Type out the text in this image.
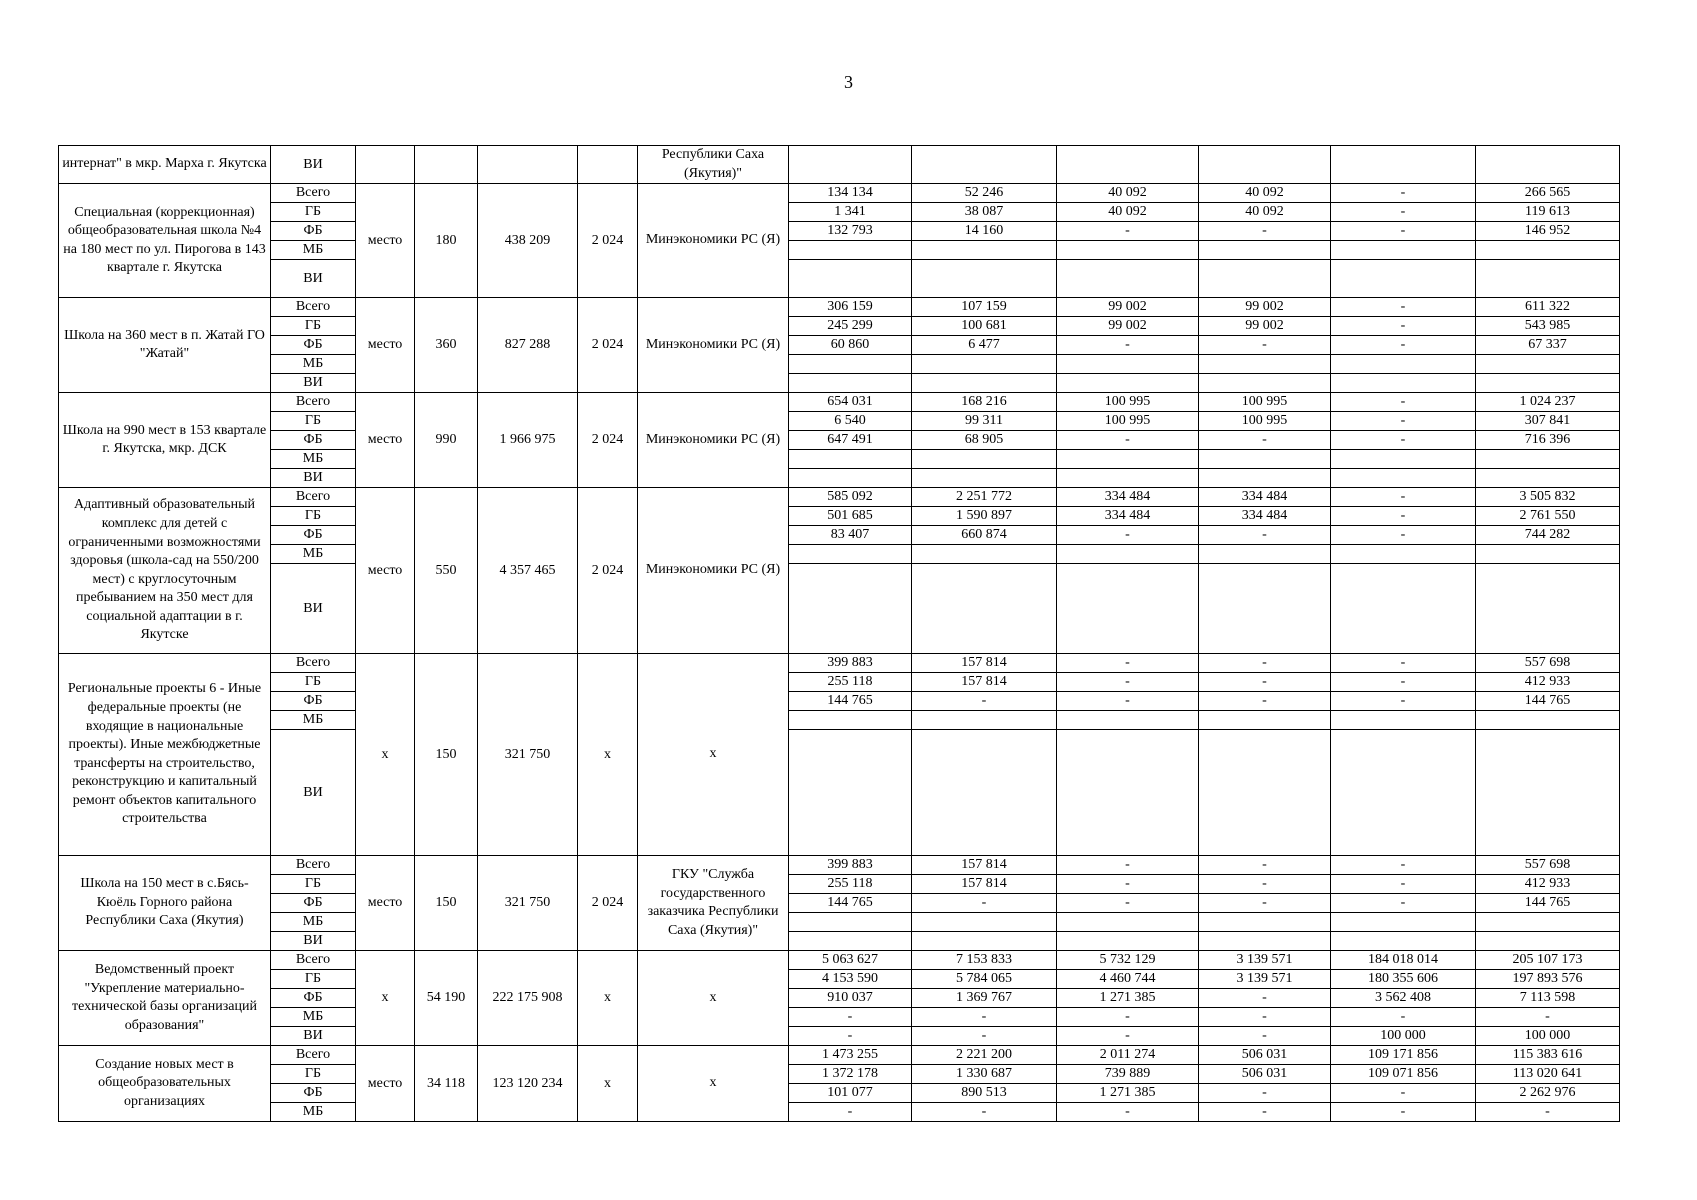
3
интернат" в мкр. Марха г. Якутска	ВИ					Республики Саха (Якутия)"						
Специальная (коррекционная) общеобразовательная школа №4 на 180 мест по ул. Пирогова в 143 квартале г. Якутска	Всего	место	180	438 209	2 024	Минэкономики РС (Я)	134 134	52 246	40 092	40 092	-	266 565
	ГБ						1 341	38 087	40 092	40 092	-	119 613
	ФБ						132 793	14 160	-	-	-	146 952
	МБ											
	ВИ											
Школа на 360 мест в п. Жатай ГО "Жатай"	Всего	место	360	827 288	2 024	Минэкономики РС (Я)	306 159	107 159	99 002	99 002	-	611 322
	ГБ						245 299	100 681	99 002	99 002	-	543 985
	ФБ						60 860	6 477	-	-	-	67 337
	МБ											
	ВИ											
Школа на 990 мест в 153 квартале г. Якутска, мкр. ДСК	Всего	место	990	1 966 975	2 024	Минэкономики РС (Я)	654 031	168 216	100 995	100 995	-	1 024 237
	ГБ						6 540	99 311	100 995	100 995	-	307 841
	ФБ						647 491	68 905	-	-	-	716 396
	МБ											
	ВИ											
Адаптивный образовательный комплекс для детей с ограниченными возможностями здоровья (школа-сад на 550/200 мест) с круглосуточным пребыванием на 350 мест для социальной адаптации в г. Якутске	Всего	место	550	4 357 465	2 024	Минэкономики РС (Я)	585 092	2 251 772	334 484	334 484	-	3 505 832
	ГБ						501 685	1 590 897	334 484	334 484	-	2 761 550
	ФБ						83 407	660 874	-	-	-	744 282
	МБ											
	ВИ											
Региональные проекты 6 - Иные федеральные проекты (не входящие в национальные проекты). Иные межбюджетные трансферты на строительство, реконструкцию и капитальный ремонт объектов капитального строительства	Всего	х	150	321 750	х	х	399 883	157 814	-	-	-	557 698
	ГБ						255 118	157 814	-	-	-	412 933
	ФБ						144 765	-	-	-	-	144 765
	МБ											
	ВИ											
Школа на 150 мест в с.Бясь-Кюёль Горного района Республики Саха (Якутия)	Всего	место	150	321 750	2 024	ГКУ "Служба государственного заказчика Республики Саха (Якутия)"	399 883	157 814	-	-	-	557 698
	ГБ						255 118	157 814	-	-	-	412 933
	ФБ						144 765	-	-	-	-	144 765
	МБ											
	ВИ											
Ведомственный проект "Укрепление материально-технической базы организаций образования"	Всего	х	54 190	222 175 908	х	х	5 063 627	7 153 833	5 732 129	3 139 571	184 018 014	205 107 173
	ГБ						4 153 590	5 784 065	4 460 744	3 139 571	180 355 606	197 893 576
	ФБ						910 037	1 369 767	1 271 385	-	3 562 408	7 113 598
	МБ						-	-	-	-	-	-
	ВИ						-	-	-	-	100 000	100 000
Создание новых мест в общеобразовательных организациях	Всего	место	34 118	123 120 234	х	х	1 473 255	2 221 200	2 011 274	506 031	109 171 856	115 383 616
	ГБ						1 372 178	1 330 687	739 889	506 031	109 071 856	113 020 641
	ФБ						101 077	890 513	1 271 385	-	-	2 262 976
	МБ						-	-	-	-	-	-
